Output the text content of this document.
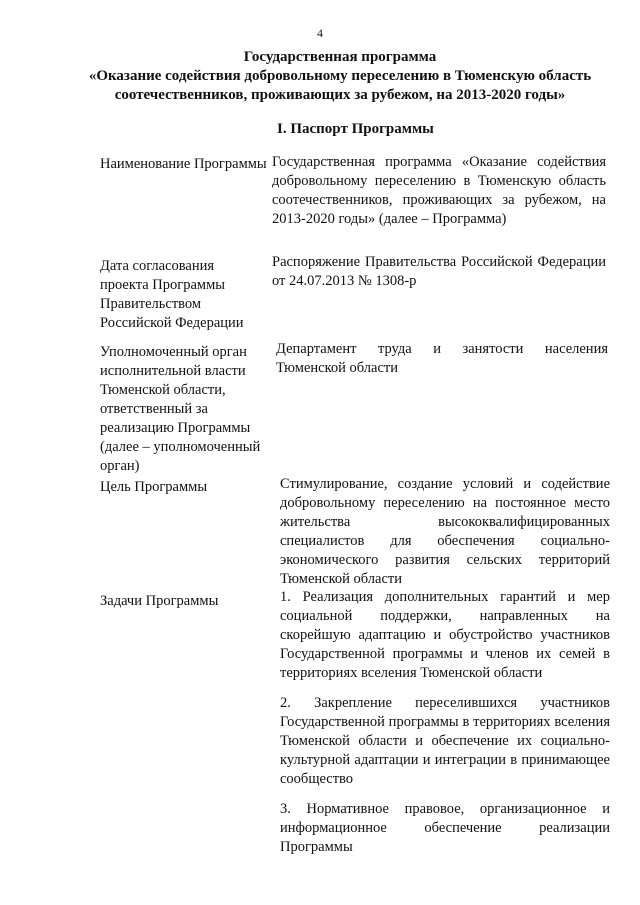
4
Государственная программа
«Оказание содействия добровольному переселению в Тюменскую область
соотечественников, проживающих за рубежом, на 2013-2020 годы»
I. Паспорт Программы
Наименование Программы Государственная программа «Оказание содействия добровольному переселению в Тюменскую область соотечественников, проживающих за рубежом, на 2013-2020 годы» (далее – Программа)
Дата согласования проекта Программы Правительством Российской Федерации
Распоряжение Правительства Российской Федерации от 24.07.2013 № 1308-р
Уполномоченный орган исполнительной власти Тюменской области, ответственный за реализацию Программы (далее – уполномоченный орган)
Департамент труда и занятости населения Тюменской области
Цель Программы	Стимулирование, создание условий и содействие добровольному переселению на постоянное место жительства высококвалифицированных специалистов для обеспечения социально-экономического развития сельских территорий Тюменской области
Задачи Программы	1. Реализация дополнительных гарантий и мер социальной поддержки, направленных на скорейшую адаптацию и обустройство участников Государственной программы и членов их семей в территориях вселения Тюменской области
2. Закрепление переселившихся участников Государственной программы в территориях вселения Тюменской области и обеспечение их социально-культурной адаптации и интеграции в принимающее сообщество
3. Нормативное правовое, организационное и информационное обеспечение реализации Программы
